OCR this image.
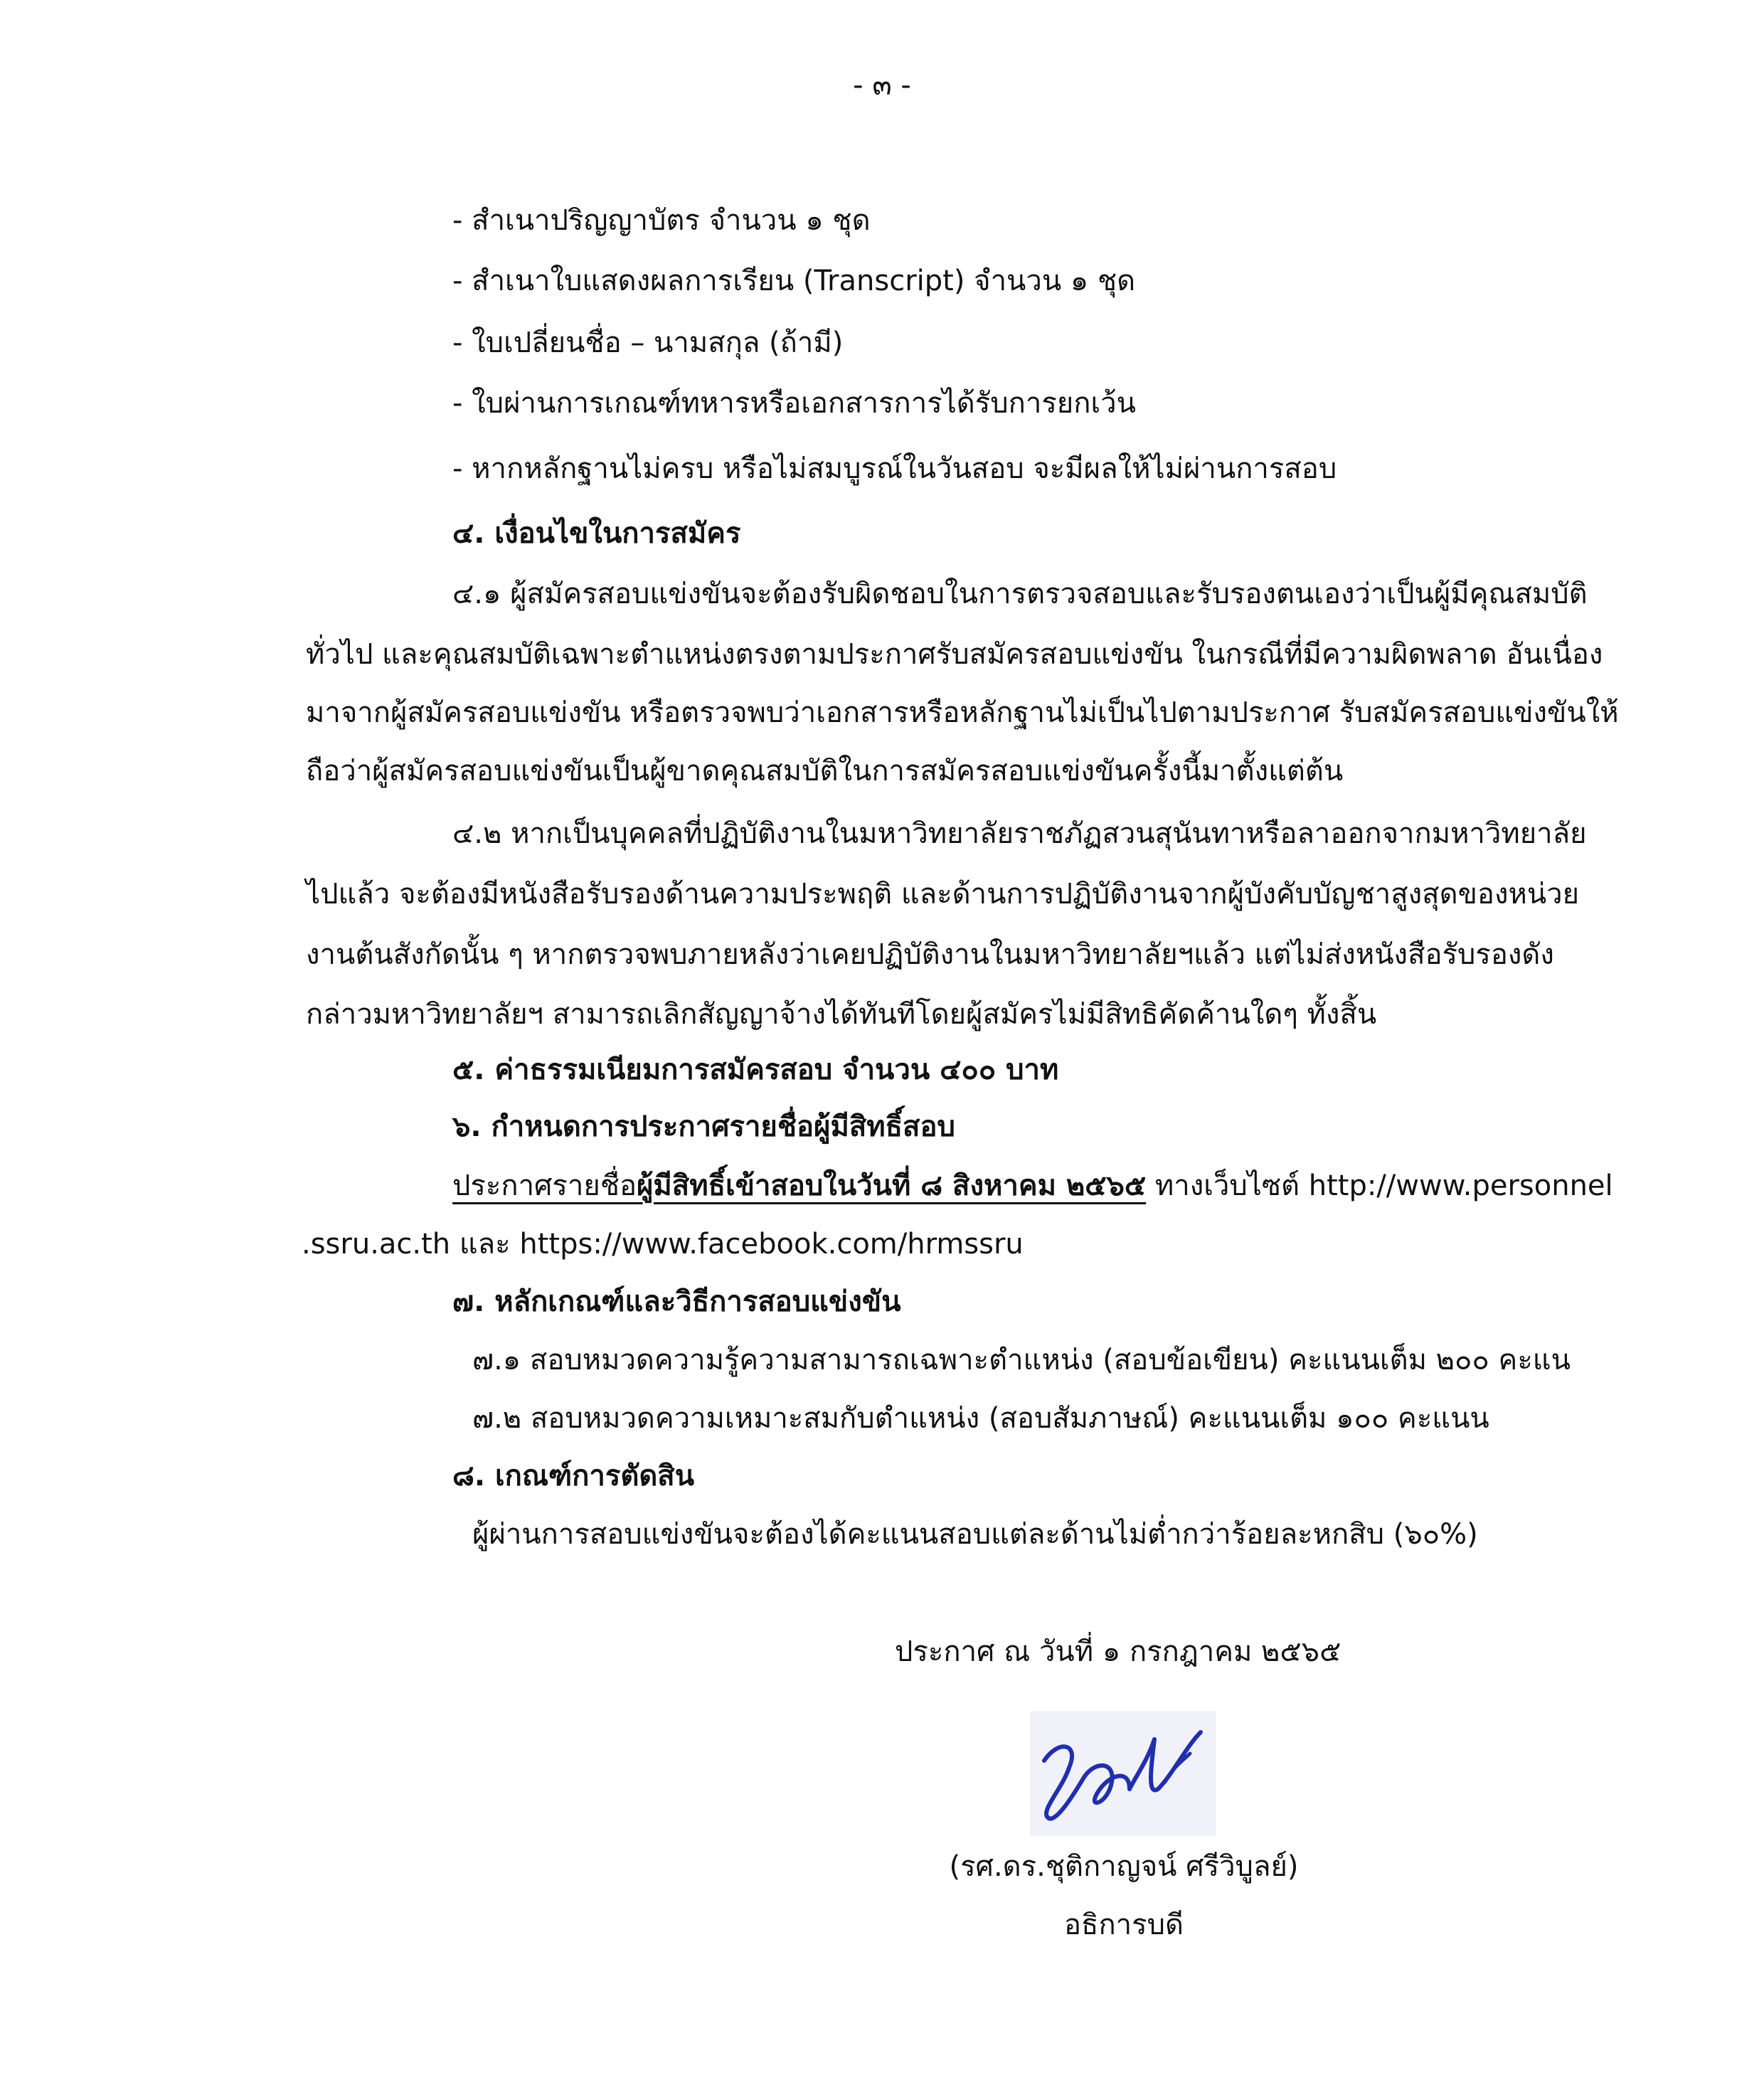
- ๓ -
- สำเนาปริญญาบัตร จำนวน ๑ ชุด
- สำเนาใบแสดงผลการเรียน (Transcript) จำนวน ๑ ชุด
- ใบเปลี่ยนชื่อ – นามสกุล (ถ้ามี)
- ใบผ่านการเกณฑ์ทหารหรือเอกสารการได้รับการยกเว้น
- หากหลักฐานไม่ครบ หรือไม่สมบูรณ์ในวันสอบ จะมีผลให้ไม่ผ่านการสอบ
๔. เงื่อนไขในการสมัคร
๔.๑ ผู้สมัครสอบแข่งขันจะต้องรับผิดชอบในการตรวจสอบและรับรองตนเองว่าเป็นผู้มีคุณสมบัติ
ทั่วไป และคุณสมบัติเฉพาะตำแหน่งตรงตามประกาศรับสมัครสอบแข่งขัน ในกรณีที่มีความผิดพลาด อันเนื่อง
มาจากผู้สมัครสอบแข่งขัน หรือตรวจพบว่าเอกสารหรือหลักฐานไม่เป็นไปตามประกาศ รับสมัครสอบแข่งขันให้
ถือว่าผู้สมัครสอบแข่งขันเป็นผู้ขาดคุณสมบัติในการสมัครสอบแข่งขันครั้งนี้มาตั้งแต่ต้น
๔.๒ หากเป็นบุคคลที่ปฏิบัติงานในมหาวิทยาลัยราชภัฏสวนสุนันทาหรือลาออกจากมหาวิทยาลัย
ไปแล้ว จะต้องมีหนังสือรับรองด้านความประพฤติ และด้านการปฏิบัติงานจากผู้บังคับบัญชาสูงสุดของหน่วย
งานต้นสังกัดนั้น ๆ หากตรวจพบภายหลังว่าเคยปฏิบัติงานในมหาวิทยาลัยฯแล้ว แต่ไม่ส่งหนังสือรับรองดัง
กล่าวมหาวิทยาลัยฯ สามารถเลิกสัญญาจ้างได้ทันทีโดยผู้สมัครไม่มีสิทธิคัดค้านใดๆ ทั้งสิ้น
๕. ค่าธรรมเนียมการสมัครสอบ จำนวน ๔๐๐ บาท
๖. กำหนดการประกาศรายชื่อผู้มีสิทธิ์สอบ
ประกาศรายชื่อผู้มีสิทธิ์เข้าสอบในวันที่ ๘ สิงหาคม ๒๕๖๕ ทางเว็บไซต์ http://www.personnel
.ssru.ac.th และ https://www.facebook.com/hrmssru
๗. หลักเกณฑ์และวิธีการสอบแข่งขัน
๗.๑ สอบหมวดความรู้ความสามารถเฉพาะตำแหน่ง (สอบข้อเขียน) คะแนนเต็ม ๒๐๐ คะแน
๗.๒ สอบหมวดความเหมาะสมกับตำแหน่ง (สอบสัมภาษณ์) คะแนนเต็ม ๑๐๐ คะแนน
๘. เกณฑ์การตัดสิน
ผู้ผ่านการสอบแข่งขันจะต้องได้คะแนนสอบแต่ละด้านไม่ต่ำกว่าร้อยละหกสิบ (๖๐%)
ประกาศ ณ วันที่ ๑ กรกฎาคม ๒๕๖๕
(รศ.ดร.ชุติกาญจน์ ศรีวิบูลย์)
อธิการบดี
